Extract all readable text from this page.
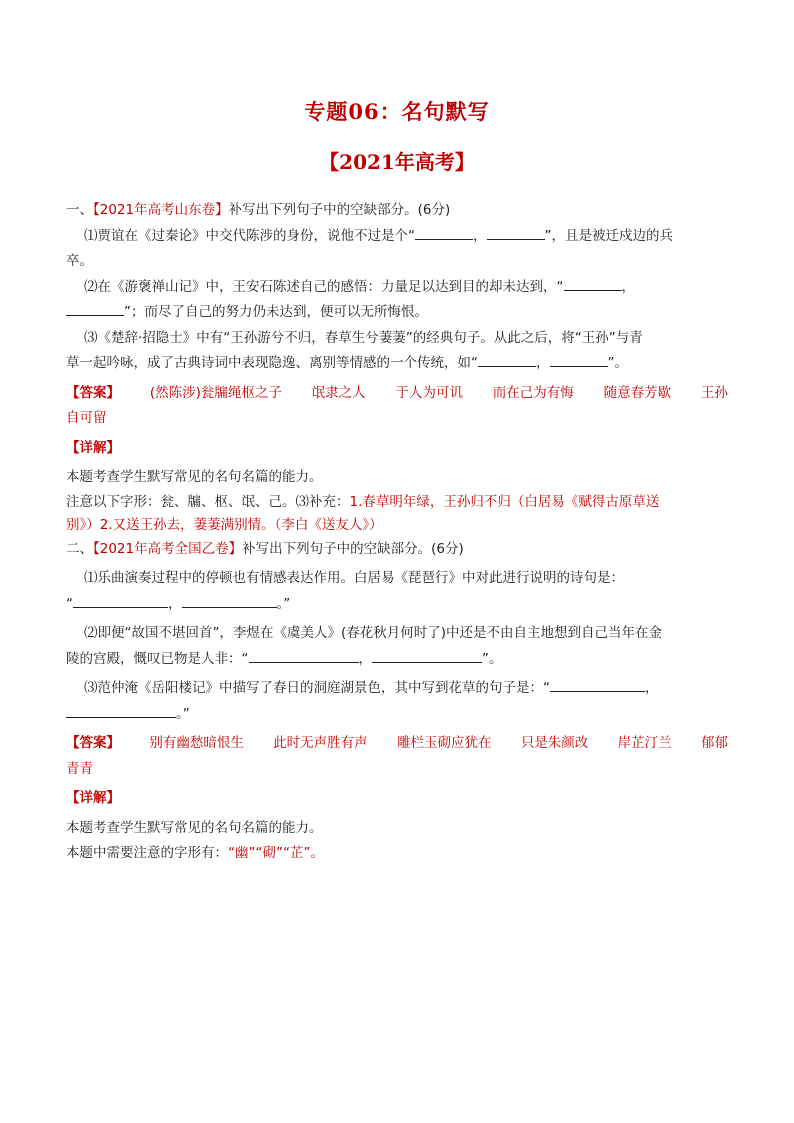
专题06：名句默写
【2021年高考】

一、【2021年高考山东卷】补写出下列句子中的空缺部分。(6分)

⑴贾谊在《过秦论》中交代陈涉的身份，说他不过是个“	，	”，且是被迁戍边的兵

卒。

⑵在《游褒禅山记》中，王安石陈述自己的感悟：力量足以达到目的却未达到，“	，

”；而尽了自己的努力仍未达到，便可以无所悔恨。

⑶《楚辞·招隐士》中有“王孙游兮不归，春草生兮萋萋”的经典句子。从此之后，将“王孙”与青

草一起吟咏，成了古典诗词中表现隐逸、离别等情感的一个传统，如“	，	”。

【答案】 (然陈涉)瓮牖绳枢之子 氓隶之人 于人为可讥 而在己为有悔 随意春芳歇 王孙

自可留

【详解】

本题考查学生默写常见的名句名篇的能力。

注意以下字形：瓮、牖、枢、氓、己。⑶补充：1.春草明年绿，王孙归不归（白居易《赋得古原草送

别》）2.又送王孙去，萋萋满别情。（李白《送友人》）

二、【2021年高考全国乙卷】补写出下列句子中的空缺部分。(6分)

⑴乐曲演奏过程中的停顿也有情感表达作用。白居易《琵琶行》中对此进行说明的诗句是：

“	，	。”

⑵即便“故国不堪回首”，李煜在《虞美人》(春花秋月何时了)中还是不由自主地想到自己当年在金

陵的宫殿，慨叹已物是人非：“	，	”。

⑶范仲淹《岳阳楼记》中描写了春日的洞庭湖景色，其中写到花草的句子是：“	，

。”

【答案】 别有幽愁暗恨生 此时无声胜有声 雕栏玉砌应犹在 只是朱颜改 岸芷汀兰 郁郁

青青

【详解】

本题考查学生默写常见的名句名篇的能力。

本题中需要注意的字形有：“幽”“砌”“芷”。
